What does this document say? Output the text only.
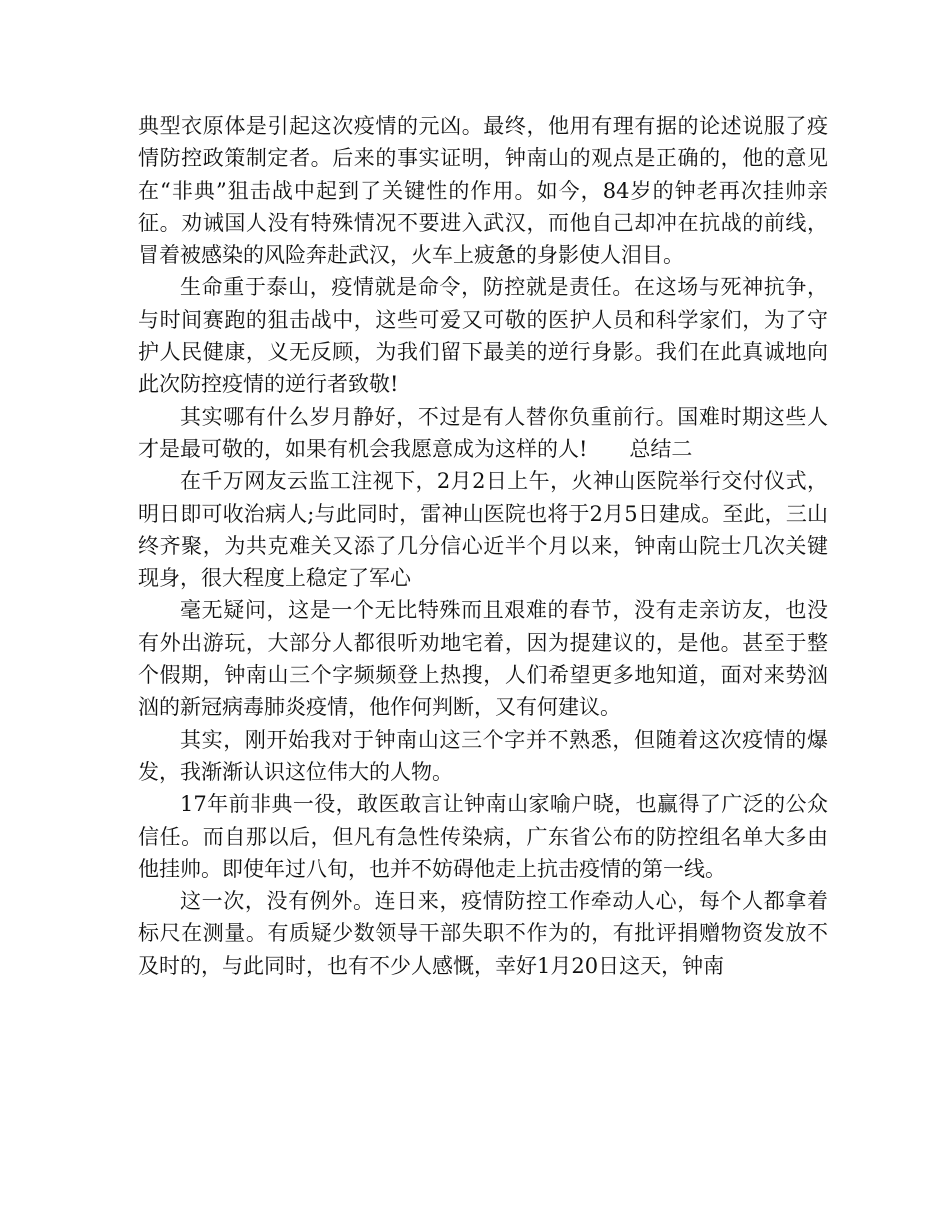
典型衣原体是引起这次疫情的元凶。最终，他用有理有据的论述说服了疫情防控政策制定者。后来的事实证明，钟南山的观点是正确的，他的意见在“非典”狙击战中起到了关键性的作用。如今，84岁的钟老再次挂帅亲征。劝诫国人没有特殊情况不要进入武汉，而他自己却冲在抗战的前线，冒着被感染的风险奔赴武汉，火车上疲惫的身影使人泪目。

生命重于泰山，疫情就是命令，防控就是责任。在这场与死神抗争，与时间赛跑的狙击战中，这些可爱又可敬的医护人员和科学家们，为了守护人民健康，义无反顾，为我们留下最美的逆行身影。我们在此真诚地向此次防控疫情的逆行者致敬!

其实哪有什么岁月静好，不过是有人替你负重前行。国难时期这些人才是最可敬的，如果有机会我愿意成为这样的人!　　总结二

在千万网友云监工注视下，2月2日上午，火神山医院举行交付仪式，明日即可收治病人;与此同时，雷神山医院也将于2月5日建成。至此，三山终齐聚，为共克难关又添了几分信心近半个月以来，钟南山院士几次关键现身，很大程度上稳定了军心

毫无疑问，这是一个无比特殊而且艰难的春节，没有走亲访友，也没有外出游玩，大部分人都很听劝地宅着，因为提建议的，是他。甚至于整个假期，钟南山三个字频频登上热搜，人们希望更多地知道，面对来势汹汹的新冠病毒肺炎疫情，他作何判断，又有何建议。

其实，刚开始我对于钟南山这三个字并不熟悉，但随着这次疫情的爆发，我渐渐认识这位伟大的人物。

17年前非典一役，敢医敢言让钟南山家喻户晓，也赢得了广泛的公众信任。而自那以后，但凡有急性传染病，广东省公布的防控组名单大多由他挂帅。即使年过八旬，也并不妨碍他走上抗击疫情的第一线。

这一次，没有例外。连日来，疫情防控工作牵动人心，每个人都拿着标尺在测量。有质疑少数领导干部失职不作为的，有批评捐赠物资发放不及时的，与此同时，也有不少人感慨，幸好1月20日这天，钟南
